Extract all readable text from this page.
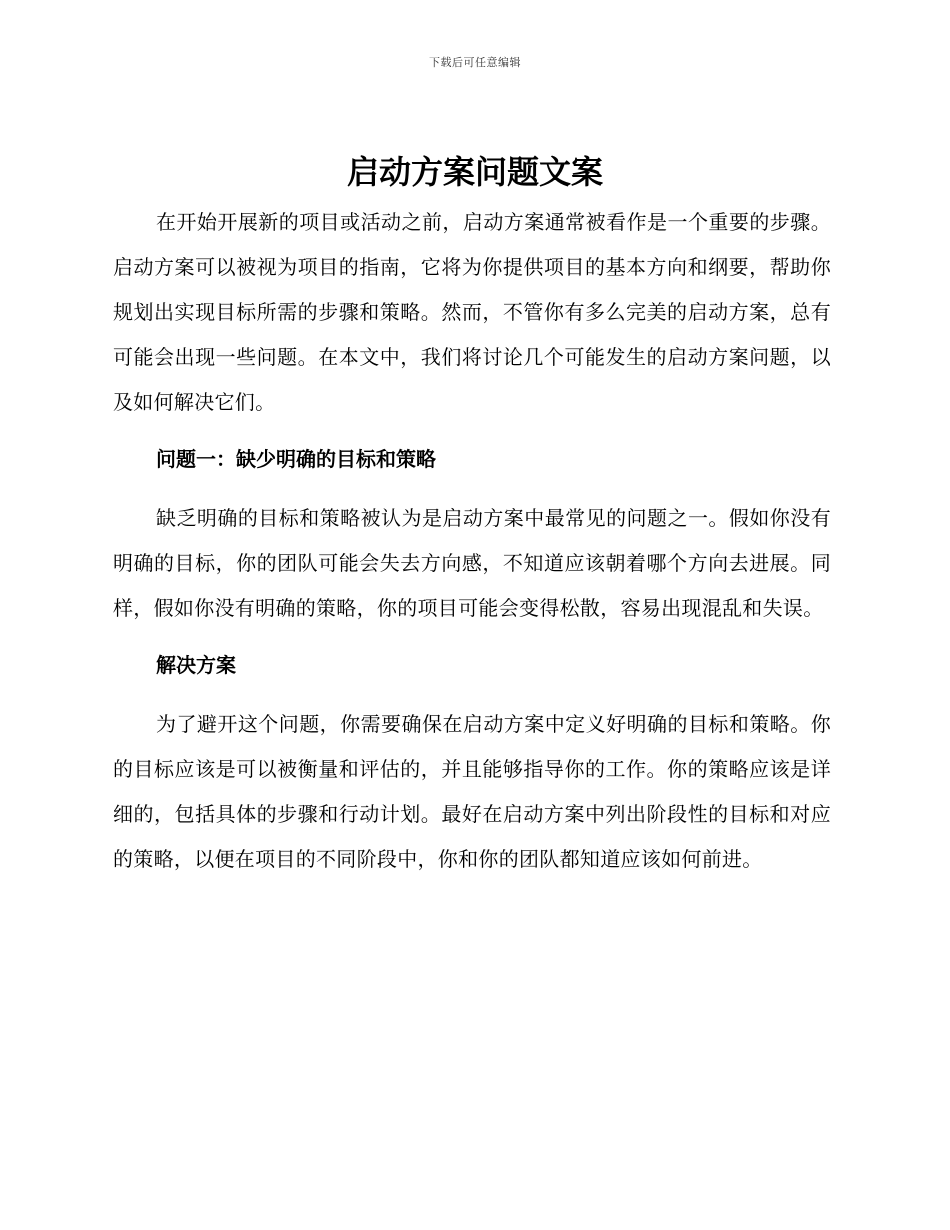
下载后可任意编辑
启动方案问题文案

在开始开展新的项目或活动之前，启动方案通常被看作是一个重要的步骤。启动方案可以被视为项目的指南，它将为你提供项目的基本方向和纲要，帮助你规划出实现目标所需的步骤和策略。然而，不管你有多么完美的启动方案，总有可能会出现一些问题。在本文中，我们将讨论几个可能发生的启动方案问题，以及如何解决它们。

问题一：缺少明确的目标和策略

缺乏明确的目标和策略被认为是启动方案中最常见的问题之一。假如你没有明确的目标，你的团队可能会失去方向感，不知道应该朝着哪个方向去进展。同样，假如你没有明确的策略，你的项目可能会变得松散，容易出现混乱和失误。

解决方案

为了避开这个问题，你需要确保在启动方案中定义好明确的目标和策略。你的目标应该是可以被衡量和评估的，并且能够指导你的工作。你的策略应该是详细的，包括具体的步骤和行动计划。最好在启动方案中列出阶段性的目标和对应的策略，以便在项目的不同阶段中，你和你的团队都知道应该如何前进。
